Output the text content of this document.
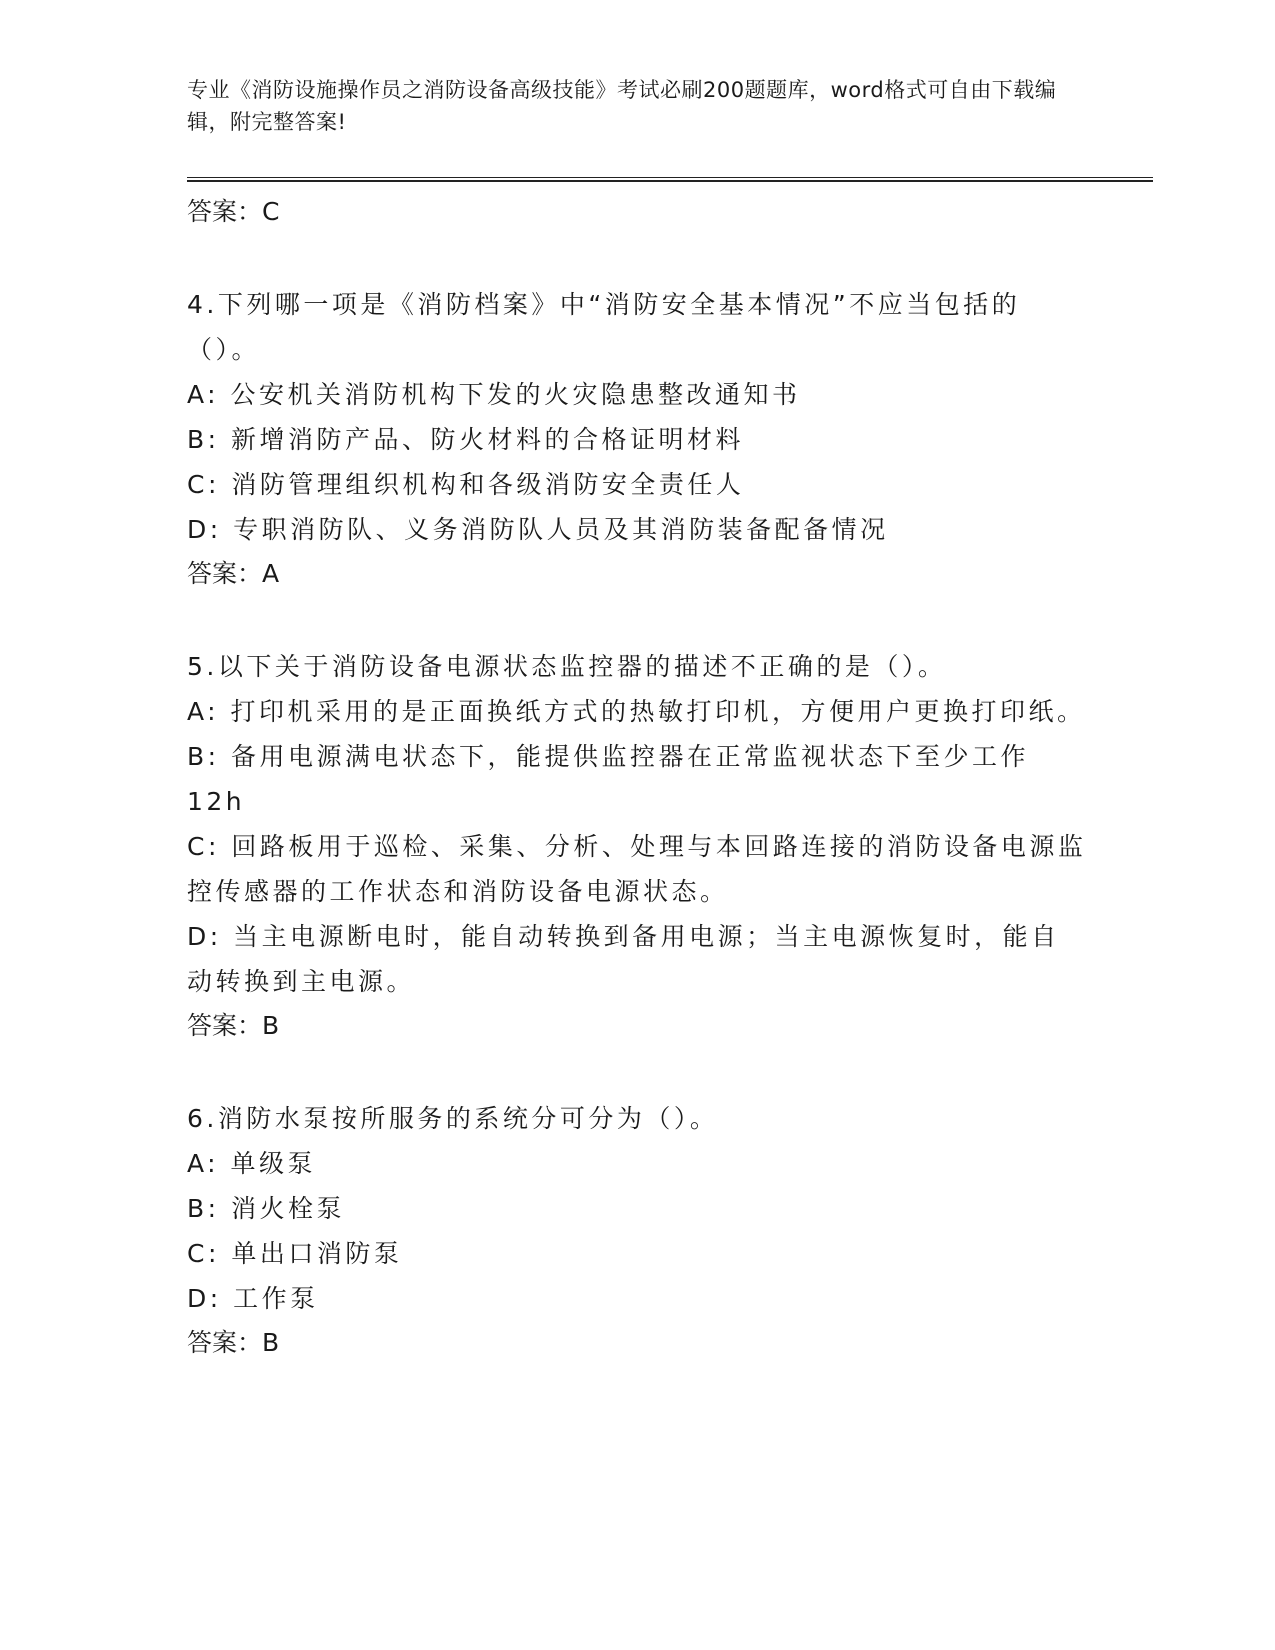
专业《消防设施操作员之消防设备高级技能》考试必刷200题题库，word格式可自由下载编辑，附完整答案!

答案：C

4.下列哪一项是《消防档案》中“消防安全基本情况”不应当包括的（）。

A: 公安机关消防机构下发的火灾隐患整改通知书

B: 新增消防产品、防火材料的合格证明材料

C: 消防管理组织机构和各级消防安全责任人

D: 专职消防队、义务消防队人员及其消防装备配备情况

答案：A

5.以下关于消防设备电源状态监控器的描述不正确的是（）。

A: 打印机采用的是正面换纸方式的热敏打印机，方便用户更换打印纸。

B: 备用电源满电状态下，能提供监控器在正常监视状态下至少工作12h

C: 回路板用于巡检、采集、分析、处理与本回路连接的消防设备电源监控传感器的工作状态和消防设备电源状态。

D: 当主电源断电时，能自动转换到备用电源；当主电源恢复时，能自动转换到主电源。

答案：B

6.消防水泵按所服务的系统分可分为（）。

A: 单级泵

B: 消火栓泵

C: 单出口消防泵

D: 工作泵

答案：B
